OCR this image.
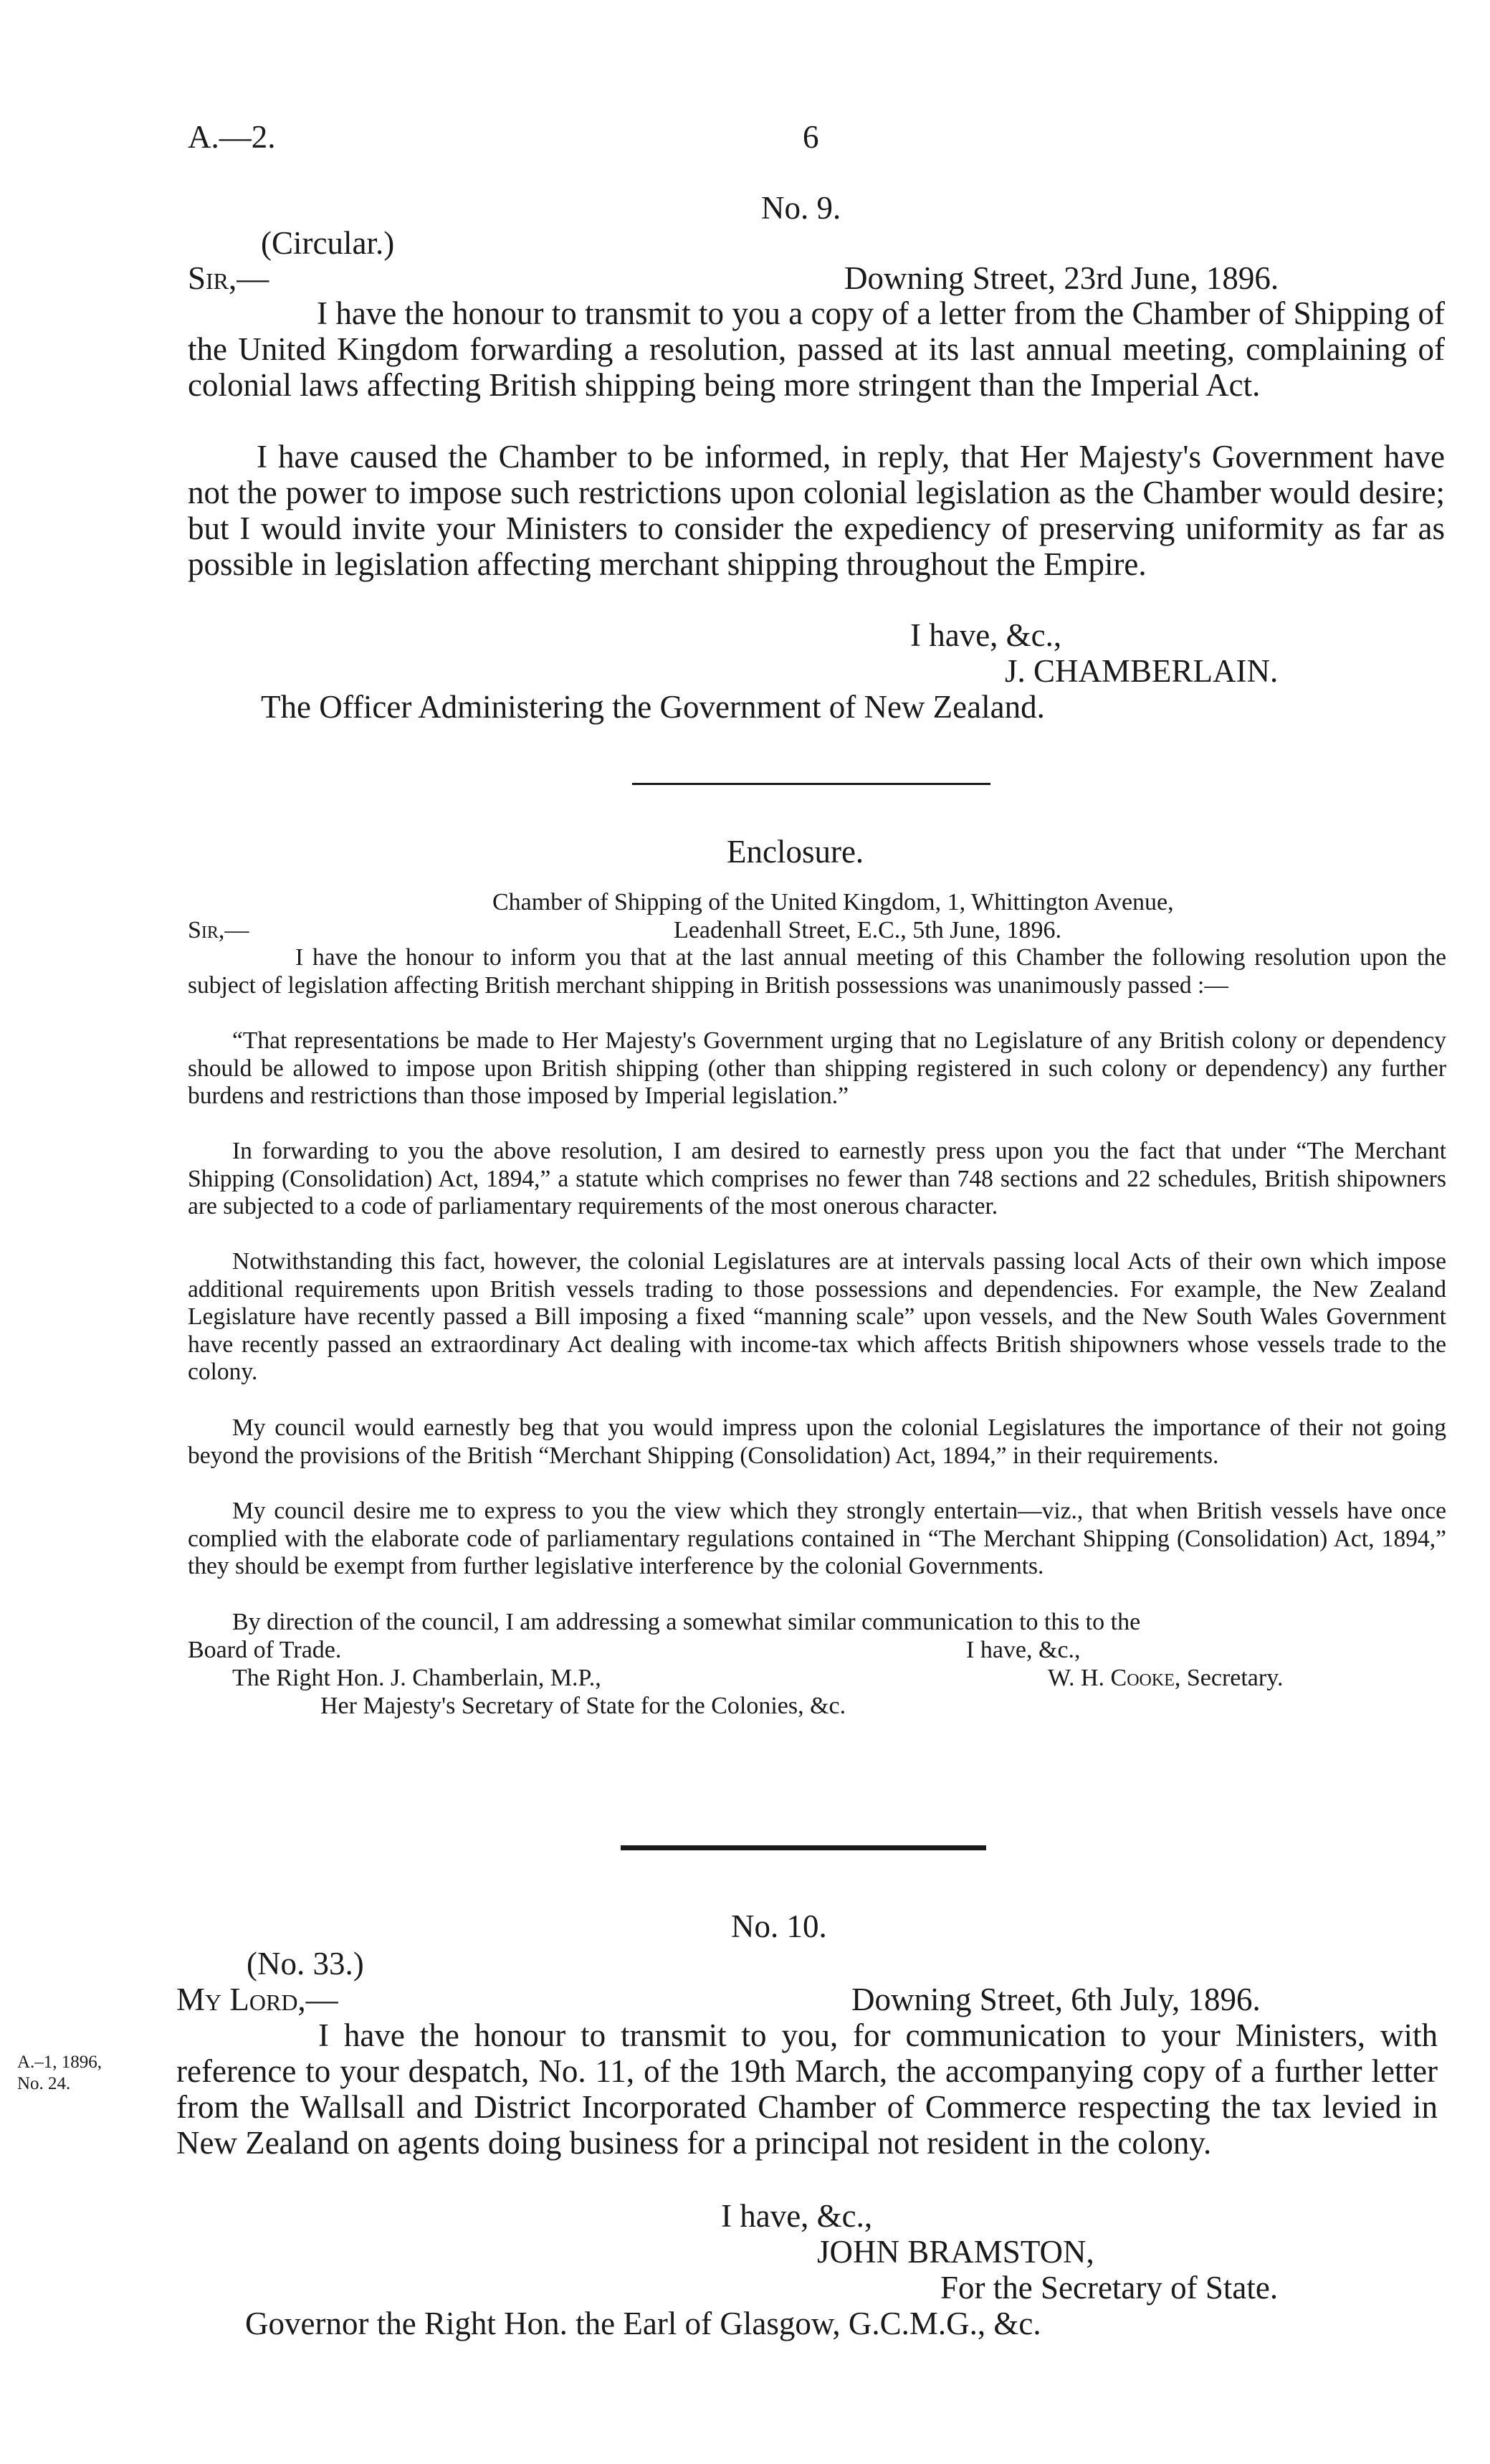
A.—2.	6
No. 9.
(Circular.)
Sir,—	Downing Street, 23rd June, 1896.
I have the honour to transmit to you a copy of a letter from the Chamber of Shipping of the United Kingdom forwarding a resolution, passed at its last annual meeting, complaining of colonial laws affecting British shipping being more stringent than the Imperial Act.
I have caused the Chamber to be informed, in reply, that Her Majesty's Government have not the power to impose such restrictions upon colonial legislation as the Chamber would desire; but I would invite your Ministers to consider the expediency of preserving uniformity as far as possible in legislation affecting merchant shipping throughout the Empire.
I have, &c.,
J. CHAMBERLAIN.
The Officer Administering the Government of New Zealand.
Enclosure.
Chamber of Shipping of the United Kingdom, 1, Whittington Avenue,
Sir,—	Leadenhall Street, E.C., 5th June, 1896.
I have the honour to inform you that at the last annual meeting of this Chamber the following resolution upon the subject of legislation affecting British merchant shipping in British possessions was unanimously passed :—
“That representations be made to Her Majesty's Government urging that no Legislature of any British colony or dependency should be allowed to impose upon British shipping (other than shipping registered in such colony or dependency) any further burdens and restrictions than those imposed by Imperial legislation.”
In forwarding to you the above resolution, I am desired to earnestly press upon you the fact that under “The Merchant Shipping (Consolidation) Act, 1894,” a statute which comprises no fewer than 748 sections and 22 schedules, British shipowners are subjected to a code of parliamentary requirements of the most onerous character.
Notwithstanding this fact, however, the colonial Legislatures are at intervals passing local Acts of their own which impose additional requirements upon British vessels trading to those possessions and dependencies. For example, the New Zealand Legislature have recently passed a Bill imposing a fixed “manning scale” upon vessels, and the New South Wales Government have recently passed an extraordinary Act dealing with income-tax which affects British shipowners whose vessels trade to the colony.
My council would earnestly beg that you would impress upon the colonial Legislatures the importance of their not going beyond the provisions of the British “Merchant Shipping (Consolidation) Act, 1894,” in their requirements.
My council desire me to express to you the view which they strongly entertain—viz., that when British vessels have once complied with the elaborate code of parliamentary regulations contained in “The Merchant Shipping (Consolidation) Act, 1894,” they should be exempt from further legislative interference by the colonial Governments.
By direction of the council, I am addressing a somewhat similar communication to this to the
Board of Trade.	I have, &c.,
The Right Hon. J. Chamberlain, M.P.,	W. H. Cooke, Secretary.
Her Majesty's Secretary of State for the Colonies, &c.
No. 10.
(No. 33.)
My Lord,—	Downing Street, 6th July, 1896.
A.–1, 1896,
No. 24.
I have the honour to transmit to you, for communication to your Ministers, with reference to your despatch, No. 11, of the 19th March, the accompanying copy of a further letter from the Wallsall and District Incorporated Chamber of Commerce respecting the tax levied in New Zealand on agents doing business for a principal not resident in the colony.
I have, &c.,
JOHN BRAMSTON,
For the Secretary of State.
Governor the Right Hon. the Earl of Glasgow, G.C.M.G., &c.
